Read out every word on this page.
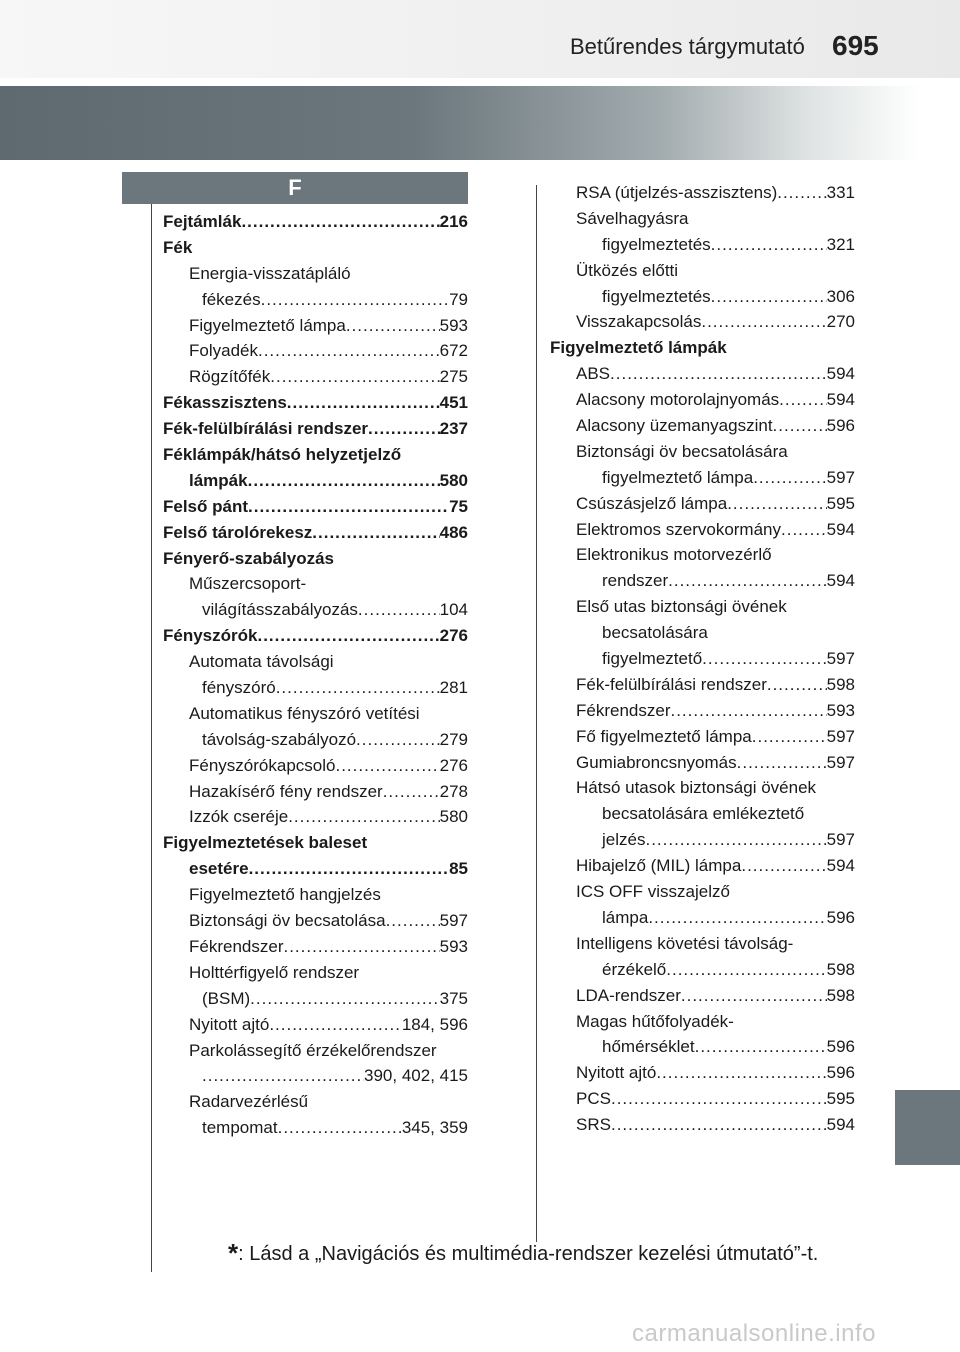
Betűrendes tárgymutató 695
F
Fejtámlák .....	216
Fék
Energia-visszatápláló
fékezés .....	79
Figyelmeztető lámpa .....	593
Folyadék .....	672
Rögzítőfék .....	275
Fékasszisztens .....	451
Fék-felülbírálási rendszer .....	237
Féklámpák/hátsó helyzetjelző
lámpák .....	580
Felső pánt .....	75
Felső tárolórekesz .....	486
Fényerő-szabályozás
Műszercsoport-
világításszabályozás .....	104
Fényszórók .....	276
Automata távolsági
fényszóró .....	281
Automatikus fényszóró vetítési
távolság-szabályozó .....	279
Fényszórókapcsoló .....	276
Hazakísérő fény rendszer .....	278
Izzók cseréje .....	580
Figyelmeztetések baleset
esetére .....	85
Figyelmeztető hangjelzés
Biztonsági öv becsatolása .....	597
Fékrendszer .....	593
Holttérfigyelő rendszer
(BSM) .....	375
Nyitott ajtó .....	184, 596
Parkolássegítő érzékelőrendszer
.....
390, 402, 415
Radarvezérlésű
tempomat .....	345, 359
RSA (útjelzés-asszisztens) .....	331
Sávelhagyásra
figyelmeztetés .....	321
Ütközés előtti
figyelmeztetés .....	306
Visszakapcsolás .....	270
Figyelmeztető lámpák
ABS .....	594
Alacsony motorolajnyomás .....	594
Alacsony üzemanyagszint .....	596
Biztonsági öv becsatolására
figyelmeztető lámpa .....	597
Csúszásjelző lámpa .....	595
Elektromos szervokormány .....	594
Elektronikus motorvezérlő
rendszer .....	594
Első utas biztonsági övének
becsatolására
figyelmeztető .....	597
Fék-felülbírálási rendszer .....	598
Fékrendszer .....	593
Fő figyelmeztető lámpa .....	597
Gumiabroncsnyomás .....	597
Hátsó utasok biztonsági övének
becsatolására emlékeztető
jelzés .....	597
Hibajelző (MIL) lámpa .....	594
ICS OFF visszajelző
lámpa .....	596
Intelligens követési távolság-
érzékelő .....	598
LDA-rendszer .....	598
Magas hűtőfolyadék-
hőmérséklet .....	596
Nyitott ajtó .....	596
PCS .....	595
SRS .....	594
*: Lásd a „Navigációs és multimédia-rendszer kezelési útmutató”-t.
carmanualsonline.info
